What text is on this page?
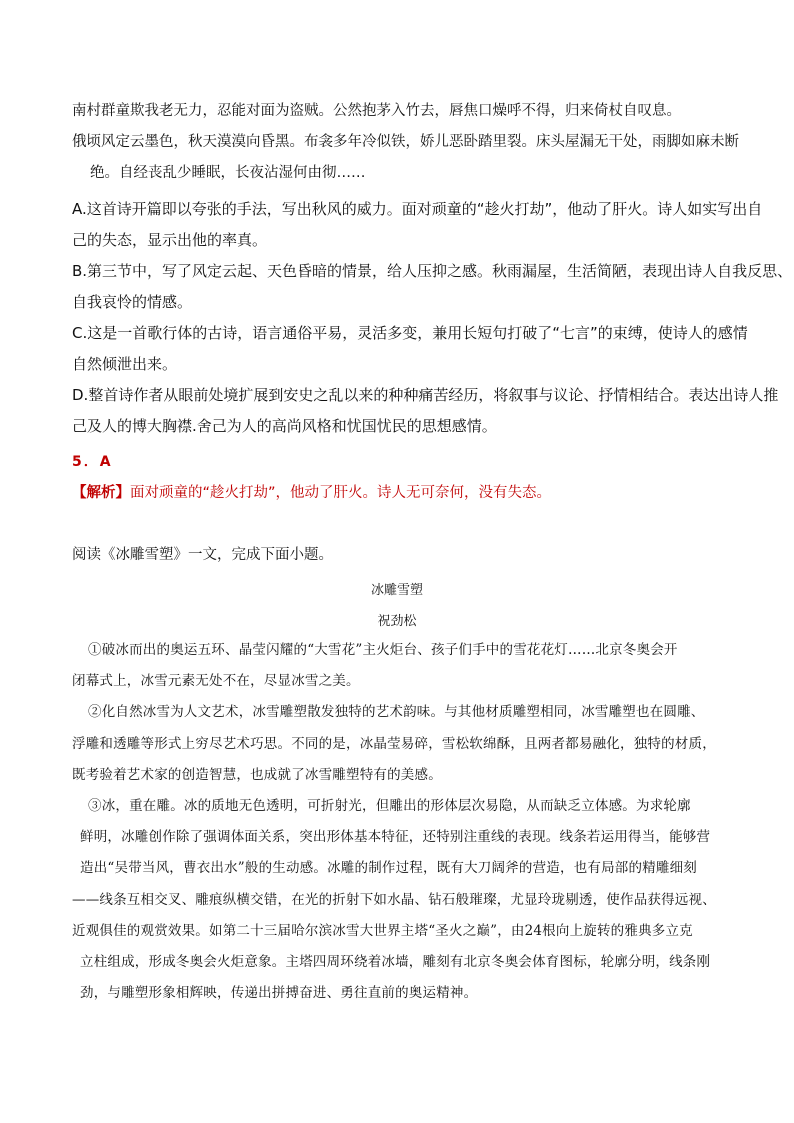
南村群童欺我老无力，忍能对面为盗贼。公然抱茅入竹去，唇焦口燥呼不得，归来倚杖自叹息。
俄顷风定云墨色，秋天漠漠向昏黑。布衾多年冷似铁，娇儿恶卧踏里裂。床头屋漏无干处，雨脚如麻未断
绝。自经丧乱少睡眠，长夜沾湿何由彻……
A.这首诗开篇即以夸张的手法，写出秋风的威力。面对顽童的“趁火打劫”，他动了肝火。诗人如实写出自
己的失态，显示出他的率真。
B.第三节中，写了风定云起、天色昏暗的情景，给人压抑之感。秋雨漏屋，生活简陋，表现出诗人自我反思、
自我哀怜的情感。
C.这是一首歌行体的古诗，语言通俗平易，灵活多变，兼用长短句打破了“七言”的束缚，使诗人的感情
自然倾泄出来。
D.整首诗作者从眼前处境扩展到安史之乱以来的种种痛苦经历，将叙事与议论、抒情相结合。表达出诗人推
己及人的博大胸襟.舍己为人的高尚风格和忧国忧民的思想感情。
5．A
【解析】面对顽童的“趁火打劫”，他动了肝火。诗人无可奈何，没有失态。
阅读《冰雕雪塑》一文，完成下面小题。
冰雕雪塑
祝劲松
①破冰而出的奥运五环、晶莹闪耀的“大雪花”主火炬台、孩子们手中的雪花花灯……北京冬奥会开
闭幕式上，冰雪元素无处不在，尽显冰雪之美。
②化自然冰雪为人文艺术，冰雪雕塑散发独特的艺术韵味。与其他材质雕塑相同，冰雪雕塑也在圆雕、
浮雕和透雕等形式上穷尽艺术巧思。不同的是，冰晶莹易碎，雪松软绵酥，且两者都易融化，独特的材质，
既考验着艺术家的创造智慧，也成就了冰雪雕塑特有的美感。
③冰，重在雕。冰的质地无色透明，可折射光，但雕出的形体层次易隐，从而缺乏立体感。为求轮廓
鲜明，冰雕创作除了强调体面关系，突出形体基本特征，还特别注重线的表现。线条若运用得当，能够营
造出“吴带当风，曹衣出水”般的生动感。冰雕的制作过程，既有大刀阔斧的营造，也有局部的精雕细刻
——线条互相交叉、雕痕纵横交错，在光的折射下如水晶、钻石般璀璨，尤显玲珑剔透，使作品获得远视、
近观俱佳的观赏效果。如第二十三届哈尔滨冰雪大世界主塔“圣火之巅”，由24根向上旋转的雅典多立克
立柱组成，形成冬奥会火炬意象。主塔四周环绕着冰墙，雕刻有北京冬奥会体育图标，轮廓分明，线条刚
劲，与雕塑形象相辉映，传递出拼搏奋进、勇往直前的奥运精神。
